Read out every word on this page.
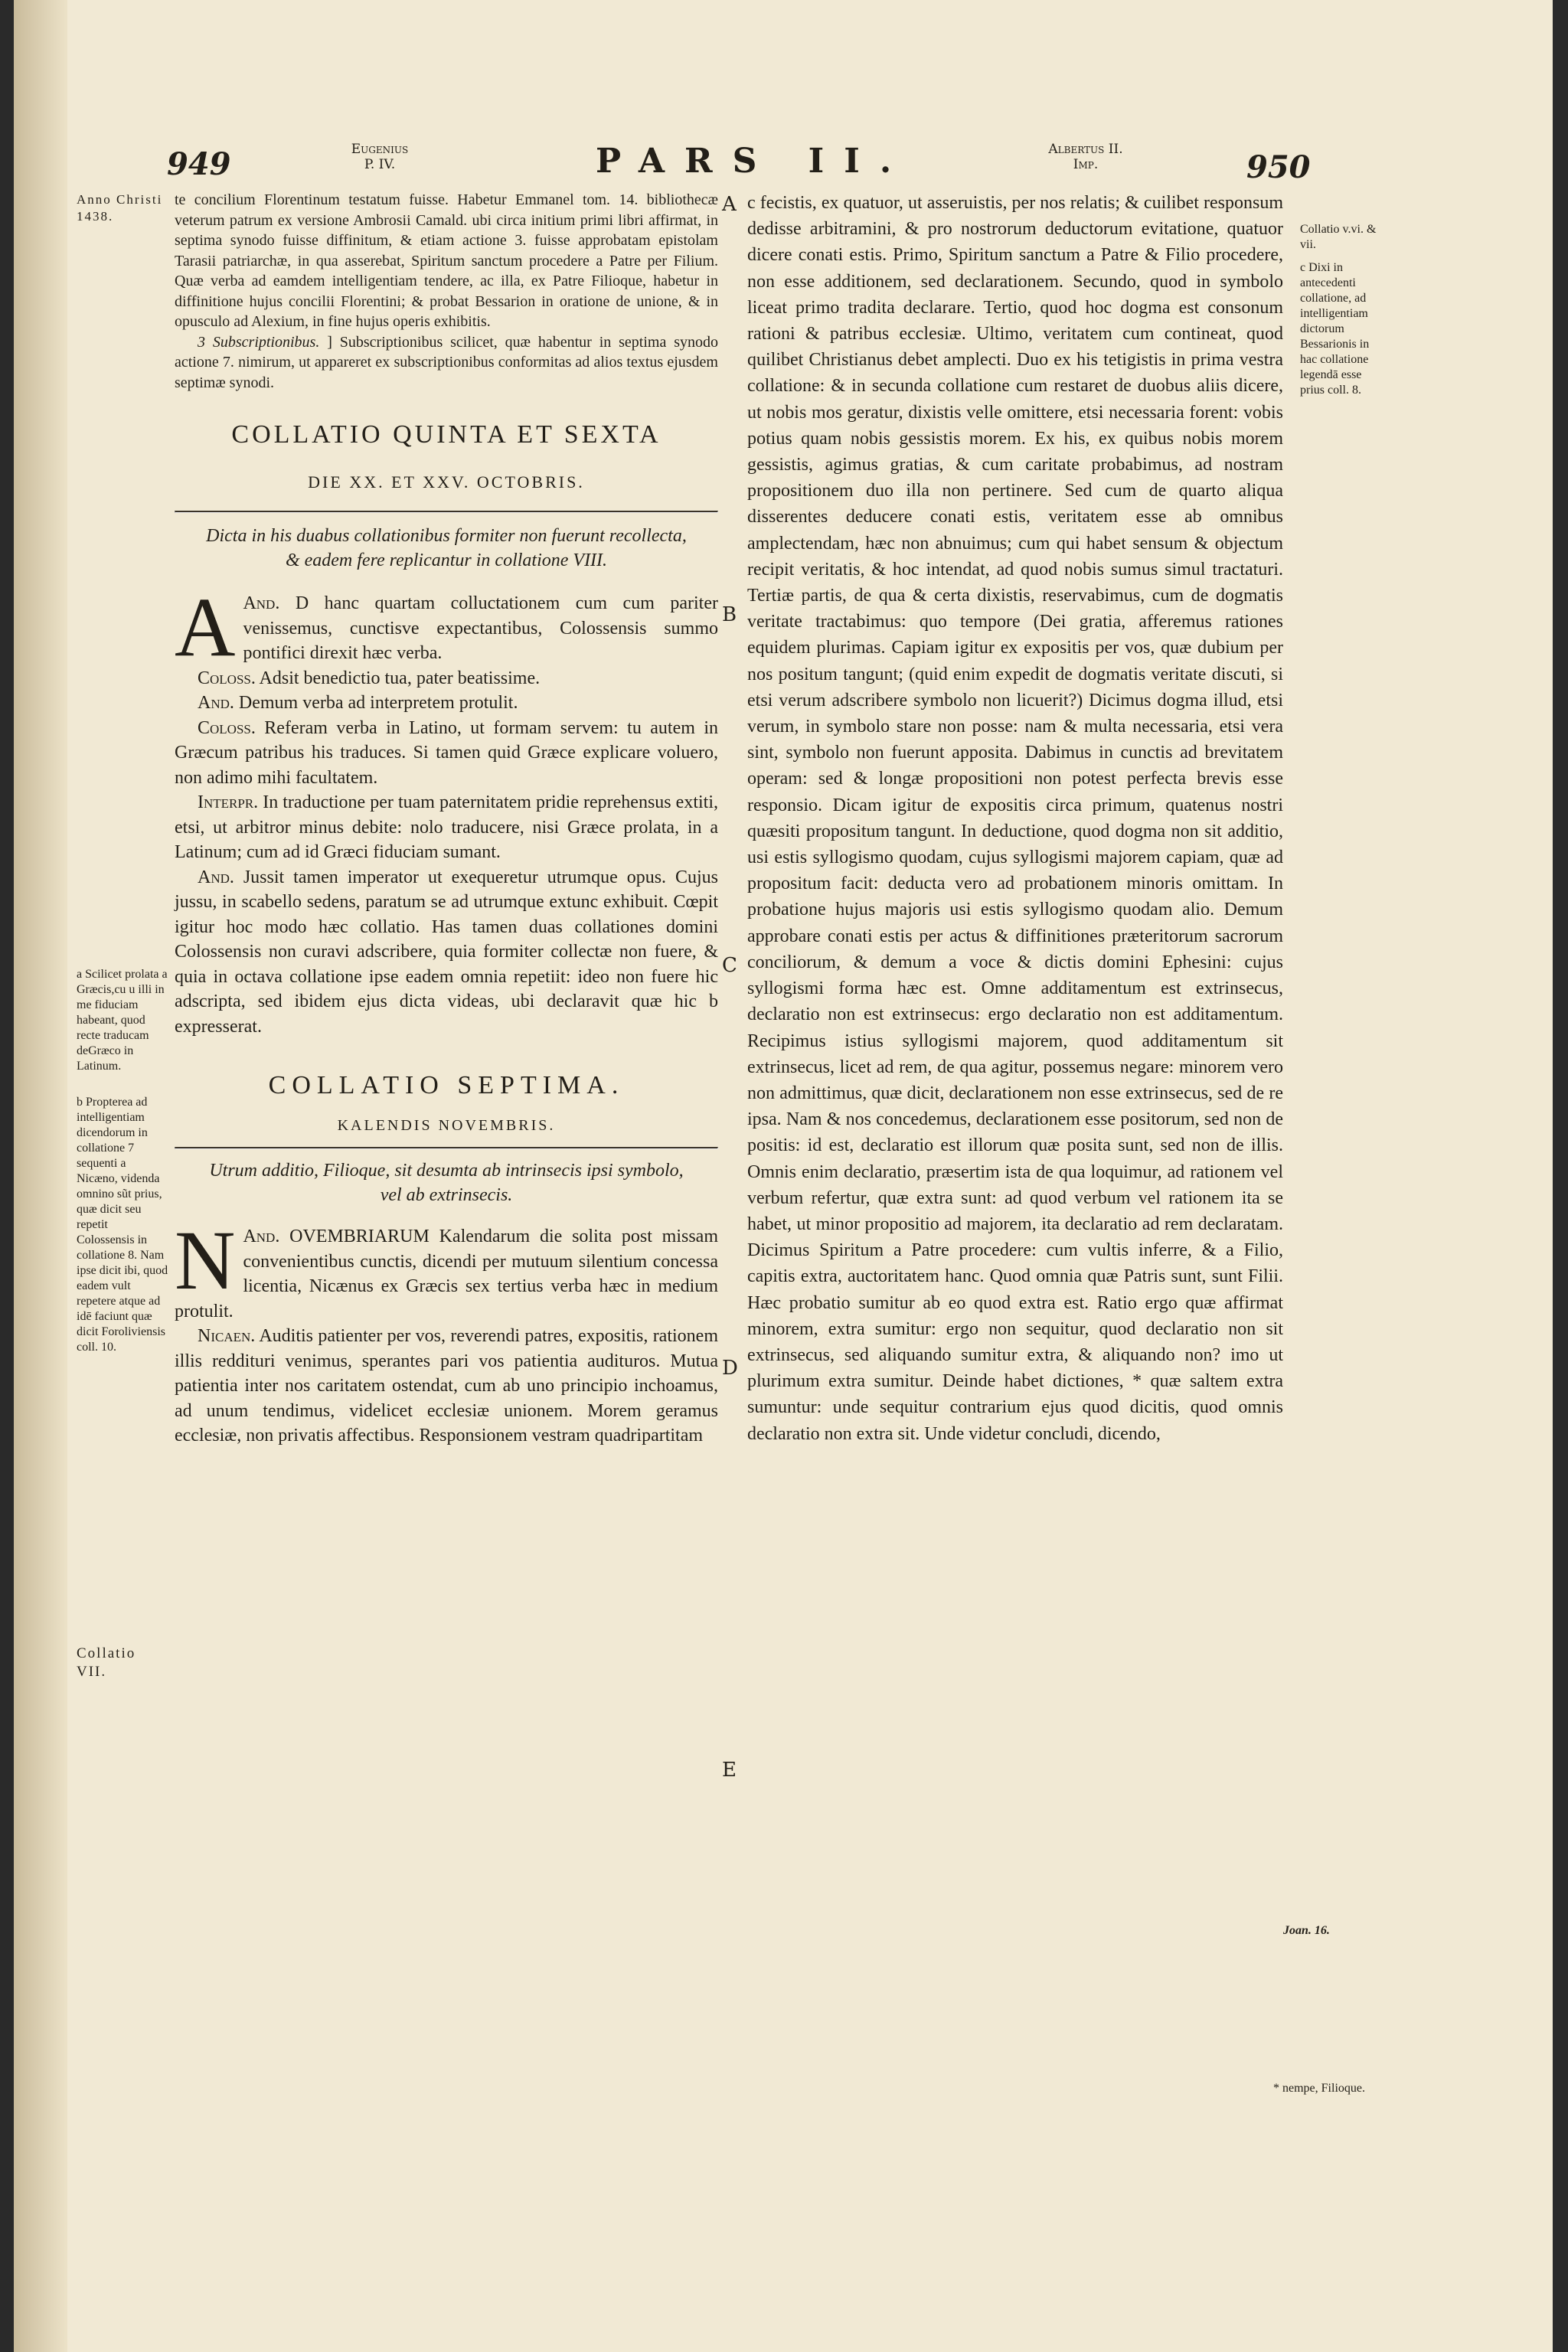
949	Eugenius
P. IV.	PARS II.	Albertus II.
Imp.	950
Anno Christi 1438.
a Scilicet prolata a Græcis,cu u illi in me fiduciam habeant, quod recte traducam deGræco in Latinum.
b Propterea ad intelligentiam dicendorum in collatione 7 sequenti a Nicæno, videnda omnino sũt prius, quæ dicit seu repetit Colossensis in collatione 8. Nam ipse dicit ibi, quod eadem vult repetere atque ad idē faciunt quæ dicit Foroliviensis coll. 10.
Collatio VII.
Collatio v.vi. & vii.
c Dixi in antecedenti collatione, ad intelligentiam dictorum Bessarionis in hac collatione legendā esse prius coll. 8.
Joan. 16.
* nempe, Filioque.
A
B
C
D
E

te concilium Florentinum testatum fuisse. Habetur Emmanel tom. 14. bibliothecæ veterum patrum ex versione Ambrosii Camald. ubi circa initium primi libri affirmat, in septima synodo fuisse diffinitum, & etiam actione 3. fuisse approbatam epistolam Tarasii patriarchæ, in qua asserebat, Spiritum sanctum procedere a Patre per Filium. Quæ verba ad eamdem intelligentiam tendere, ac illa, ex Patre Filioque, habetur in diffinitione hujus concilii Florentini; & probat Bessarion in oratione de unione, & in opusculo ad Alexium, in fine hujus operis exhibitis.

3 Subscriptionibus. ] Subscriptionibus scilicet, quæ habentur in septima synodo actione 7. nimirum, ut appareret ex subscriptionibus conformitas ad alios textus ejusdem septimæ synodi.

COLLATIO QUINTA ET SEXTA

DIE XX. ET XXV. OCTOBRIS.

Dicta in his duabus collationibus formiter non fuerunt recollecta, & eadem fere replicantur in collatione VIII.

And.
A	D hanc quartam colluctationem cum cum pariter venissemus, cunctisve expectantibus, Colossensis summo pontifici direxit hæc verba.

Coloss. Adsit benedictio tua, pater beatissime.

And. Demum verba ad interpretem protulit.

Coloss. Referam verba in Latino, ut formam servem: tu autem in Græcum patribus his traduces. Si tamen quid Græce explicare voluero, non adimo mihi facultatem.

Interpr. In traductione per tuam paternitatem pridie reprehensus extiti, etsi, ut arbitror minus debite: nolo traducere, nisi Græce prolata, in a Latinum; cum ad id Græci fiduciam sumant.

And. Jussit tamen imperator ut exequeretur utrumque opus. Cujus jussu, in scabello sedens, paratum se ad utrumque extunc exhibuit. Cœpit igitur hoc modo hæc collatio. Has tamen duas collationes domini Colossensis non curavi adscribere, quia formiter collectæ non fuere, & quia in octava collatione ipse eadem omnia repetiit: ideo non fuere hic adscripta, sed ibidem ejus dicta videas, ubi declaravit quæ hic b expresserat.

COLLATIO SEPTIMA.

KALENDIS NOVEMBRIS.

Utrum additio, Filioque, sit desumta ab intrinsecis ipsi symbolo, vel ab extrinsecis.

And.
N	OVEMBRIARUM Kalendarum die solita post missam convenientibus cunctis, dicendi per mutuum silentium concessa licentia, Nicænus ex Græcis sex tertius verba hæc in medium protulit.

Nicaen. Auditis patienter per vos, reverendi patres, expositis, rationem illis reddituri venimus, sperantes pari vos patientia audituros. Mutua patientia inter nos caritatem ostendat, cum ab uno principio inchoamus, ad unum tendimus, videlicet ecclesiæ unionem. Morem geramus ecclesiæ, non privatis affectibus. Responsionem vestram quadripartitam

c fecistis, ex quatuor, ut asseruistis, per nos relatis; & cuilibet responsum dedisse arbitramini, & pro nostrorum deductorum evitatione, quatuor dicere conati estis. Primo, Spiritum sanctum a Patre & Filio procedere, non esse additionem, sed declarationem. Secundo, quod in symbolo liceat primo tradita declarare. Tertio, quod hoc dogma est consonum rationi & patribus ecclesiæ. Ultimo, veritatem cum contineat, quod quilibet Christianus debet amplecti. Duo ex his tetigistis in prima vestra collatione: & in secunda collatione cum restaret de duobus aliis dicere, ut nobis mos geratur, dixistis velle omittere, etsi necessaria forent: vobis potius quam nobis gessistis morem. Ex his, ex quibus nobis morem gessistis, agimus gratias, & cum caritate probabimus, ad nostram propositionem duo illa non pertinere. Sed cum de quarto aliqua disserentes deducere conati estis, veritatem esse ab omnibus amplectendam, hæc non abnuimus; cum qui habet sensum & objectum recipit veritatis, & hoc intendat, ad quod nobis sumus simul tractaturi. Tertiæ partis, de qua & certa dixistis, reservabimus, cum de dogmatis veritate tractabimus: quo tempore (Dei gratia, afferemus rationes equidem plurimas. Capiam igitur ex expositis per vos, quæ dubium per nos positum tangunt; (quid enim expedit de dogmatis veritate discuti, si etsi verum adscribere symbolo non licuerit?) Dicimus dogma illud, etsi verum, in symbolo stare non posse: nam & multa necessaria, etsi vera sint, symbolo non fuerunt apposita. Dabimus in cunctis ad brevitatem operam: sed & longæ propositioni non potest perfecta brevis esse responsio. Dicam igitur de expositis circa primum, quatenus nostri quæsiti propositum tangunt. In deductione, quod dogma non sit additio, usi estis syllogismo quodam, cujus syllogismi majorem capiam, quæ ad propositum facit: deducta vero ad probationem minoris omittam. In probatione hujus majoris usi estis syllogismo quodam alio. Demum approbare conati estis per actus & diffinitiones præteritorum sacrorum conciliorum, & demum a voce & dictis domini Ephesini: cujus syllogismi forma hæc est. Omne additamentum est extrinsecus, declaratio non est extrinsecus: ergo declaratio non est additamentum. Recipimus istius syllogismi majorem, quod additamentum sit extrinsecus, licet ad rem, de qua agitur, possemus negare: minorem vero non admittimus, quæ dicit, declarationem non esse extrinsecus, sed de re ipsa. Nam & nos concedemus, declarationem esse positorum, sed non de positis: id est, declaratio est illorum quæ posita sunt, sed non de illis. Omnis enim declaratio, præsertim ista de qua loquimur, ad rationem vel verbum refertur, quæ extra sunt: ad quod verbum vel rationem ita se habet, ut minor propositio ad majorem, ita declaratio ad rem declaratam. Dicimus Spiritum a Patre procedere: cum vultis inferre, & a Filio, capitis extra, auctoritatem hanc. Quod omnia quæ Patris sunt, sunt Filii. Hæc probatio sumitur ab eo quod extra est. Ratio ergo quæ affirmat minorem, extra sumitur: ergo non sequitur, quod declaratio non sit extrinsecus, sed aliquando sumitur extra, & aliquando non? imo ut plurimum extra sumitur. Deinde habet dictiones, * quæ saltem extra sumuntur: unde sequitur contrarium ejus quod dicitis, quod omnis declaratio non extra sit. Unde videtur concludi, dicendo,
